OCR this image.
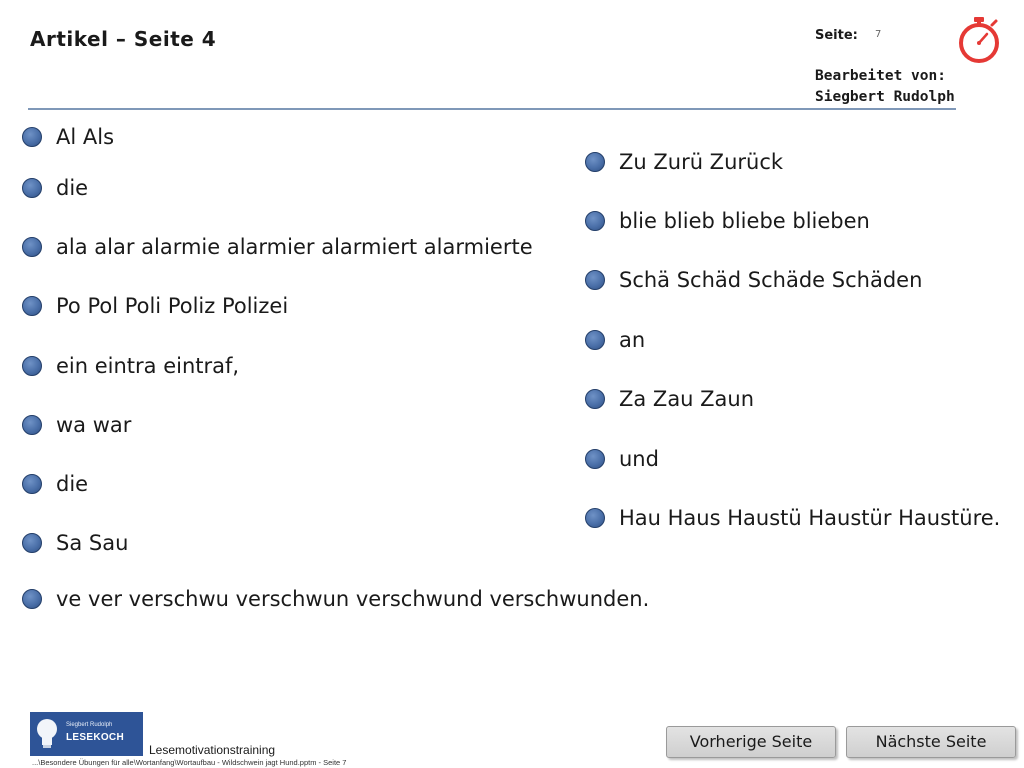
Artikel – Seite 4	Seite: 7
Bearbeitet von:
Siegbert Rudolph
Al Als
die
ala alar alarmie alarmier alarmiert alarmierte
Po Pol Poli Poliz Polizei
ein eintra eintraf,
wa war
die
Sa Sau
ve ver verschwu verschwun verschwund verschwunden.
Zu Zurü Zurück
blie blieb bliebe blieben
Schä Schäd Schäde Schäden
an
Za Zau Zaun
und
Hau Haus Haustü Haustür Haustüre.
Siegbert Rudolph
LESEKOCH
Lesemotivationstraining
...\Besondere Übungen für alle\Wortanfang\Wortaufbau - Wildschwein jagt Hund.pptm - Seite 7
Vorherige Seite	Nächste Seite
